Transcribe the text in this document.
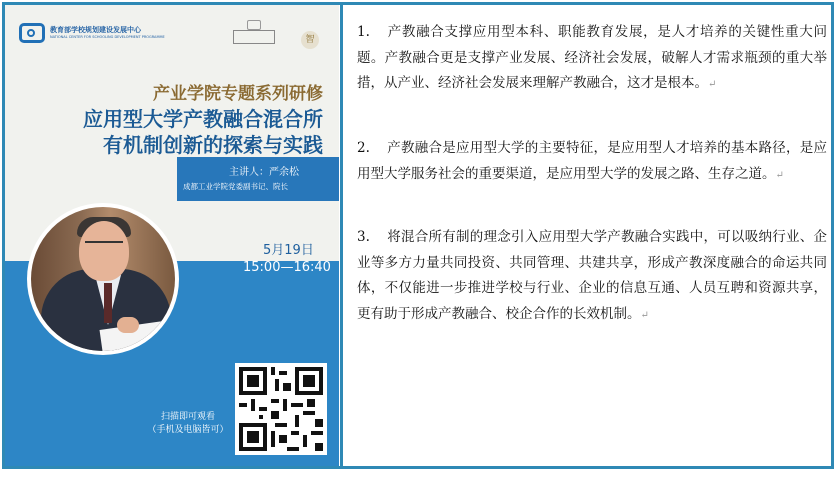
教育部学校规划建设发展中心
NATIONAL CENTER FOR SCHOOLING DEVELOPMENT PROGRAMME	智
产业学院专题系列研修
应用型大学产教融合混合所
有机制创新的探索与实践
主讲人：严余松
成都工业学院党委副书记、院长
5月19日
15:00—16:40
扫描即可观看
（手机及电脑皆可）
1. 产教融合支撑应用型本科、职能教育发展，是人才培养的关键性重大问题。产教融合更是支撑产业发展、经济社会发展，破解人才需求瓶颈的重大举措，从产业、经济社会发展来理解产教融合，这才是根本。↵
2. 产教融合是应用型大学的主要特征，是应用型人才培养的基本路径，是应用型大学服务社会的重要渠道，是应用型大学的发展之路、生存之道。↵
3. 将混合所有制的理念引入应用型大学产教融合实践中，可以吸纳行业、企业等多方力量共同投资、共同管理、共建共享，形成产教深度融合的命运共同体，不仅能进一步推进学校与行业、企业的信息互通、人员互聘和资源共享，更有助于形成产教融合、校企合作的长效机制。↵
